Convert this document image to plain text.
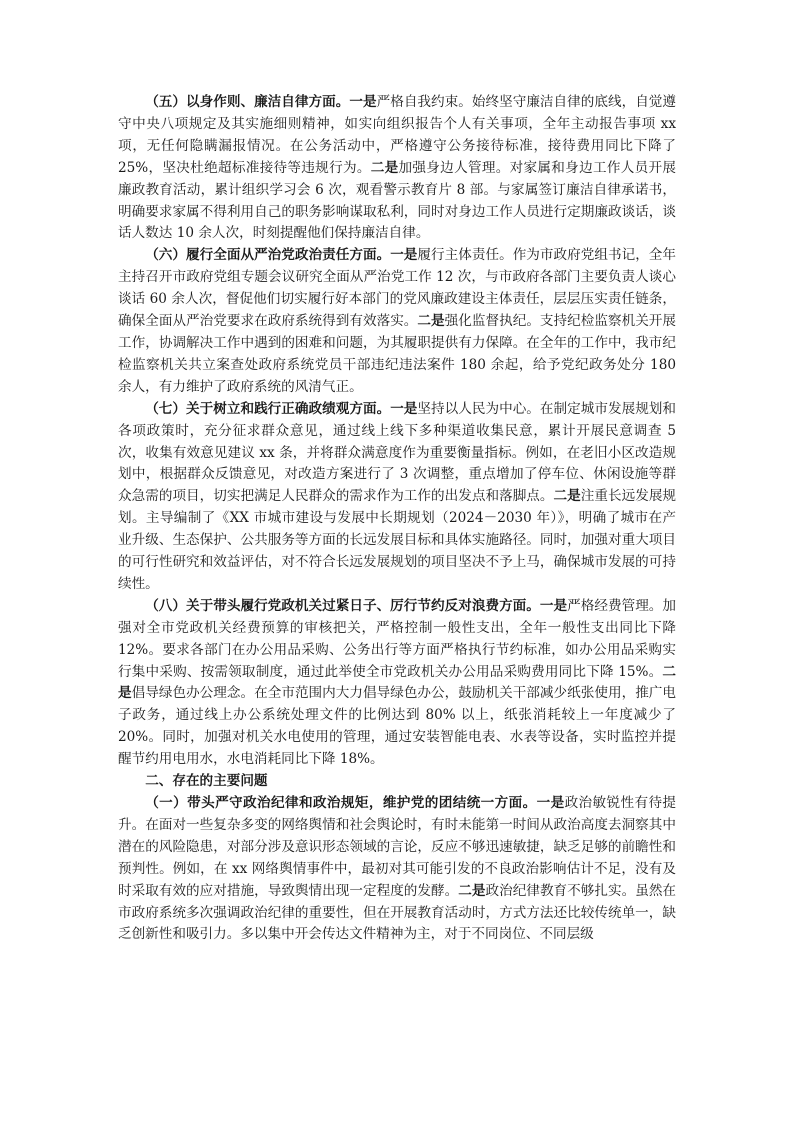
（五）以身作则、廉洁自律方面。一是严格自我约束。始终坚守廉洁自律的底线，自觉遵守中央八项规定及其实施细则精神，如实向组织报告个人有关事项，全年主动报告事项 xx 项，无任何隐瞒漏报情况。在公务活动中，严格遵守公务接待标准，接待费用同比下降了 25%，坚决杜绝超标准接待等违规行为。二是加强身边人管理。对家属和身边工作人员开展廉政教育活动，累计组织学习会 6 次，观看警示教育片 8 部。与家属签订廉洁自律承诺书，明确要求家属不得利用自己的职务影响谋取私利，同时对身边工作人员进行定期廉政谈话，谈话人数达 10 余人次，时刻提醒他们保持廉洁自律。

（六）履行全面从严治党政治责任方面。一是履行主体责任。作为市政府党组书记，全年主持召开市政府党组专题会议研究全面从严治党工作 12 次，与市政府各部门主要负责人谈心谈话 60 余人次，督促他们切实履行好本部门的党风廉政建设主体责任，层层压实责任链条，确保全面从严治党要求在政府系统得到有效落实。二是强化监督执纪。支持纪检监察机关开展工作，协调解决工作中遇到的困难和问题，为其履职提供有力保障。在全年的工作中，我市纪检监察机关共立案查处政府系统党员干部违纪违法案件 180 余起，给予党纪政务处分 180 余人，有力维护了政府系统的风清气正。

（七）关于树立和践行正确政绩观方面。一是坚持以人民为中心。在制定城市发展规划和各项政策时，充分征求群众意见，通过线上线下多种渠道收集民意，累计开展民意调查 5 次，收集有效意见建议 xx 条，并将群众满意度作为重要衡量指标。例如，在老旧小区改造规划中，根据群众反馈意见，对改造方案进行了 3 次调整，重点增加了停车位、休闲设施等群众急需的项目，切实把满足人民群众的需求作为工作的出发点和落脚点。二是注重长远发展规划。主导编制了《XX 市城市建设与发展中长期规划（2024－2030 年）》，明确了城市在产业升级、生态保护、公共服务等方面的长远发展目标和具体实施路径。同时，加强对重大项目的可行性研究和效益评估，对不符合长远发展规划的项目坚决不予上马，确保城市发展的可持续性。

（八）关于带头履行党政机关过紧日子、厉行节约反对浪费方面。一是严格经费管理。加强对全市党政机关经费预算的审核把关，严格控制一般性支出，全年一般性支出同比下降 12%。要求各部门在办公用品采购、公务出行等方面严格执行节约标准，如办公用品采购实行集中采购、按需领取制度，通过此举使全市党政机关办公用品采购费用同比下降 15%。二是倡导绿色办公理念。在全市范围内大力倡导绿色办公，鼓励机关干部减少纸张使用，推广电子政务，通过线上办公系统处理文件的比例达到 80% 以上，纸张消耗较上一年度减少了 20%。同时，加强对机关水电使用的管理，通过安装智能电表、水表等设备，实时监控并提醒节约用电用水，水电消耗同比下降 18%。

二、存在的主要问题

（一）带头严守政治纪律和政治规矩，维护党的团结统一方面。一是政治敏锐性有待提升。在面对一些复杂多变的网络舆情和社会舆论时，有时未能第一时间从政治高度去洞察其中潜在的风险隐患，对部分涉及意识形态领域的言论，反应不够迅速敏捷，缺乏足够的前瞻性和预判性。例如，在 xx 网络舆情事件中，最初对其可能引发的不良政治影响估计不足，没有及时采取有效的应对措施，导致舆情出现一定程度的发酵。二是政治纪律教育不够扎实。虽然在市政府系统多次强调政治纪律的重要性，但在开展教育活动时，方式方法还比较传统单一，缺乏创新性和吸引力。多以集中开会传达文件精神为主，对于不同岗位、不同层级
